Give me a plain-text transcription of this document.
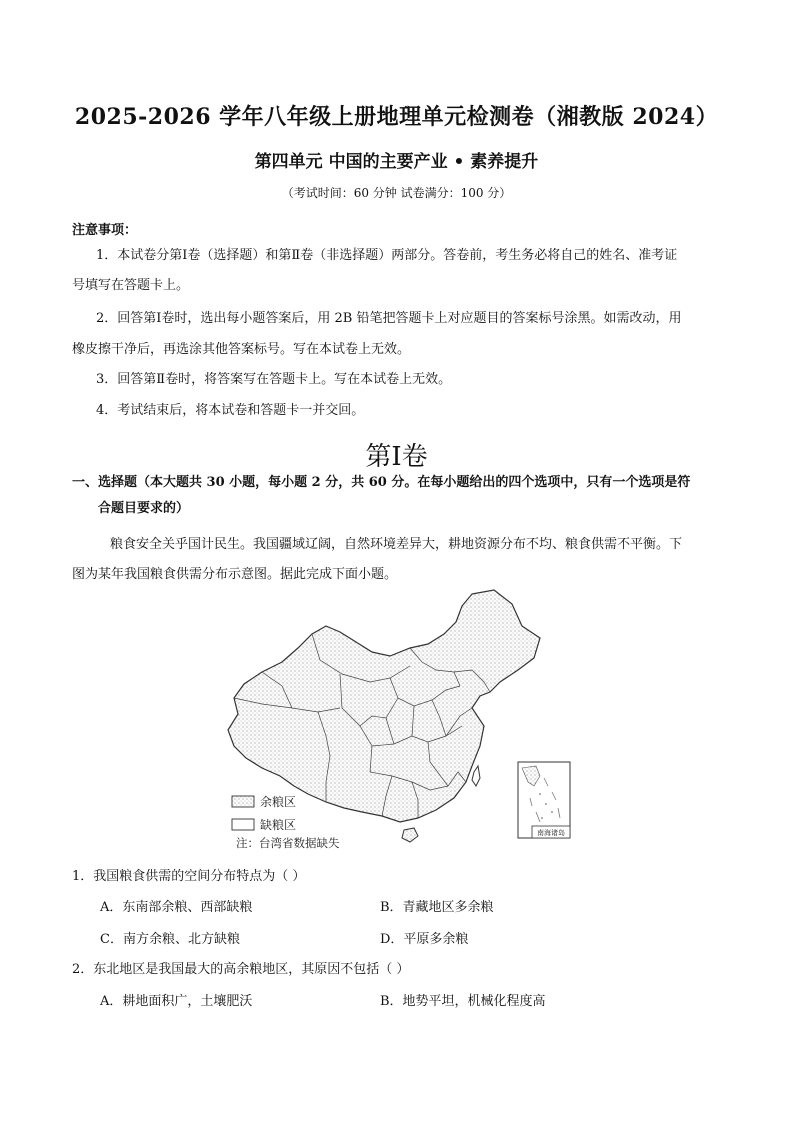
2025-2026 学年八年级上册地理单元检测卷（湘教版 2024）
第四单元 中国的主要产业 • 素养提升
（考试时间：60 分钟 试卷满分：100 分）
注意事项：
1．本试卷分第Ⅰ卷（选择题）和第Ⅱ卷（非选择题）两部分。答卷前，考生务必将自己的姓名、准考证
号填写在答题卡上。
2．回答第Ⅰ卷时，选出每小题答案后，用 2B 铅笔把答题卡上对应题目的答案标号涂黑。如需改动，用
橡皮擦干净后，再选涂其他答案标号。写在本试卷上无效。
3．回答第Ⅱ卷时，将答案写在答题卡上。写在本试卷上无效。
4．考试结束后，将本试卷和答题卡一并交回。
第Ⅰ卷
一、选择题（本大题共 30 小题，每小题 2 分，共 60 分。在每小题给出的四个选项中，只有一个选项是符
合题目要求的）
粮食安全关乎国计民生。我国疆域辽阔，自然环境差异大，耕地资源分布不均、粮食供需不平衡。下
图为某年我国粮食供需分布示意图。据此完成下面小题。
南海诸岛
余粮区
缺粮区
注：台湾省数据缺失
1．我国粮食供需的空间分布特点为（ ）
A．东南部余粮、西部缺粮	B．青藏地区多余粮
C．南方余粮、北方缺粮	D．平原多余粮
2．东北地区是我国最大的高余粮地区，其原因不包括（ ）
A．耕地面积广，土壤肥沃	B．地势平坦，机械化程度高
